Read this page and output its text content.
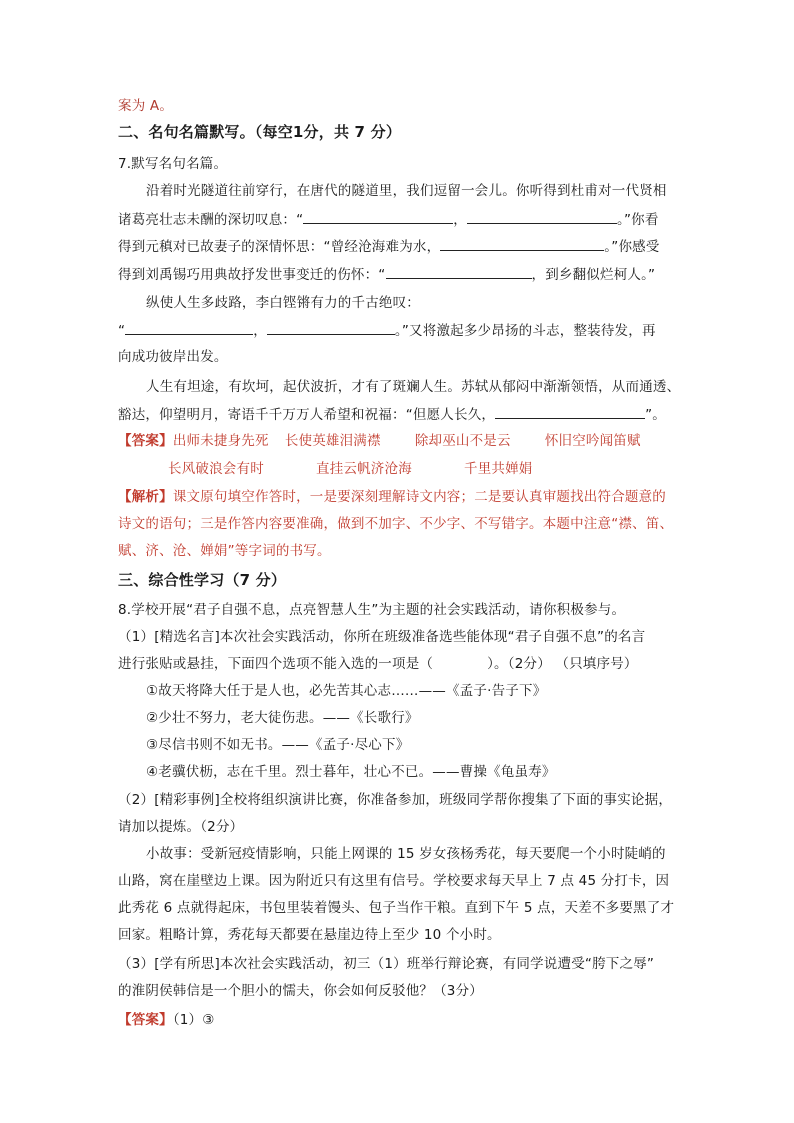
案为 A。
二、名句名篇默写。（每空1分，共 7 分）
7.默写名句名篇。
沿着时光隧道往前穿行，在唐代的隧道里，我们逗留一会儿。你听得到杜甫对一代贤相
诸葛亮壮志未酬的深切叹息：“	，	。”你看
得到元稹对已故妻子的深情怀思：“曾经沧海难为水，	。”你感受
得到刘禹锡巧用典故抒发世事变迁的伤怀：“	，到乡翻似烂柯人。”
纵使人生多歧路，李白铿锵有力的千古绝叹：
“	，	。”又将激起多少昂扬的斗志，整装待发，再
向成功彼岸出发。
人生有坦途，有坎坷，起伏波折，才有了斑斓人生。苏轼从郁闷中渐渐领悟，从而通透、
豁达，仰望明月，寄语千千万万人希望和祝福：“但愿人长久，	”。
【答案】出师未捷身先死 长使英雄泪满襟	除却巫山不是云	怀旧空吟闻笛赋
长风破浪会有时	直挂云帆济沧海	千里共婵娟
【解析】课文原句填空作答时，一是要深刻理解诗文内容；二是要认真审题找出符合题意的
诗文的语句；三是作答内容要准确，做到不加字、不少字、不写错字。本题中注意“襟、笛、
赋、济、沧、婵娟”等字词的书写。
三、综合性学习（7 分）
8.学校开展“君子自强不息，点亮智慧人生”为主题的社会实践活动，请你积极参与。
（1）[精选名言]本次社会实践活动，你所在班级准备选些能体现“君子自强不息”的名言
进行张贴或悬挂，下面四个选项不能入选的一项是（	）。（2分） （只填序号）
①故天将降大任于是人也，必先苦其心志……——《孟子·告子下》
②少壮不努力，老大徒伤悲。——《长歌行》
③尽信书则不如无书。——《孟子·尽心下》
④老骥伏枥，志在千里。烈士暮年，壮心不已。——曹操《龟虽寿》
（2）[精彩事例]全校将组织演讲比赛，你准备参加，班级同学帮你搜集了下面的事实论据，
请加以提炼。（2分）
小故事：受新冠疫情影响，只能上网课的 15 岁女孩杨秀花，每天要爬一个小时陡峭的
山路，窝在崖壁边上课。因为附近只有这里有信号。学校要求每天早上 7 点 45 分打卡，因
此秀花 6 点就得起床，书包里装着馒头、包子当作干粮。直到下午 5 点，天差不多要黑了才
回家。粗略计算，秀花每天都要在悬崖边待上至少 10 个小时。
（3）[学有所思]本次社会实践活动，初三（1）班举行辩论赛，有同学说遭受“胯下之辱”
的淮阴侯韩信是一个胆小的懦夫，你会如何反驳他？（3分）
【答案】（1）③
